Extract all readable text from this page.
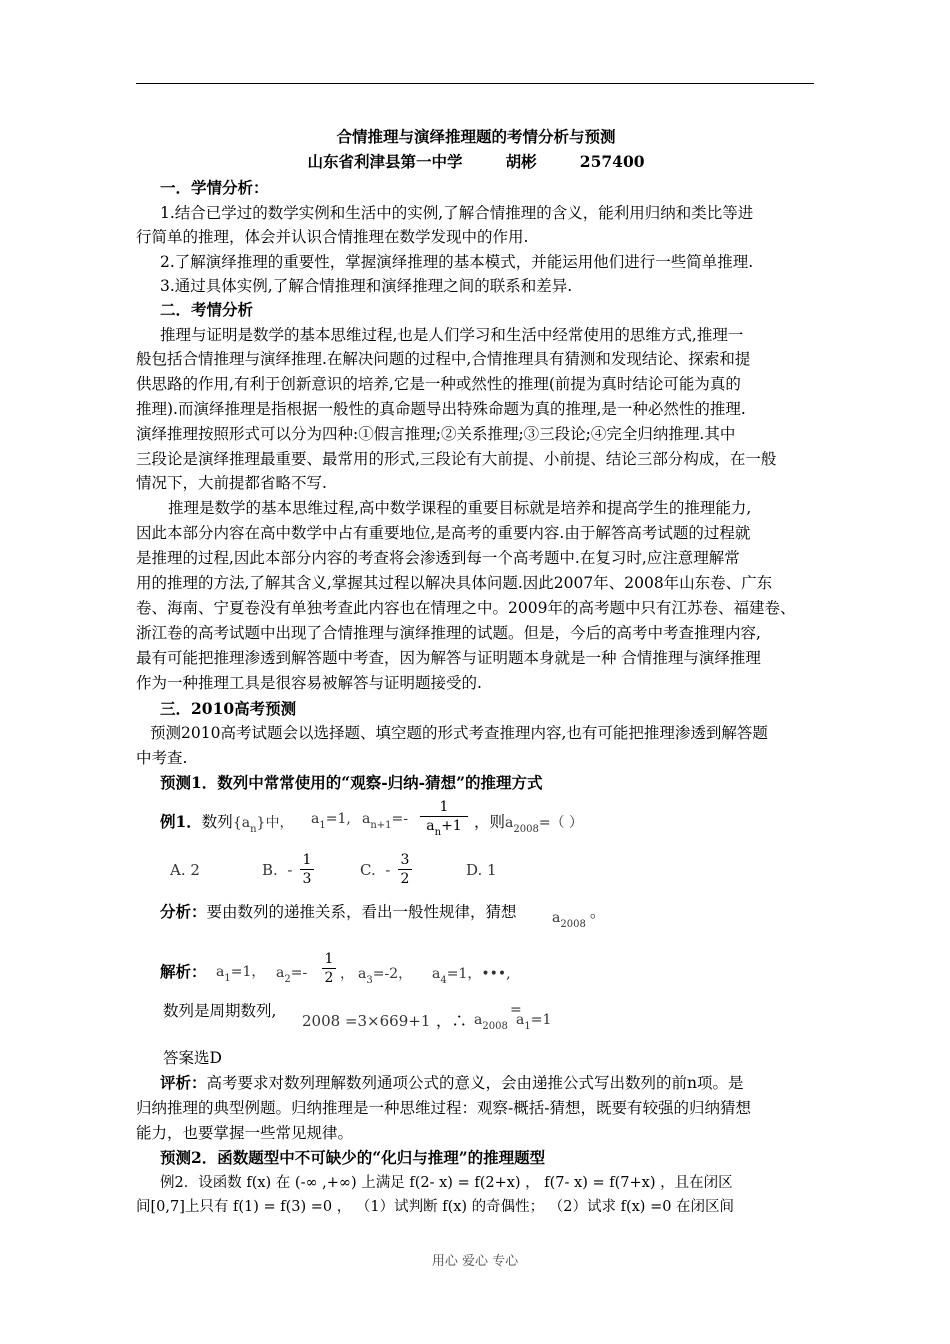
合情推理与演绎推理题的考情分析与预测
山东省利津县第一中学        胡彬        257400
一．学情分析：
1.结合已学过的数学实例和生活中的实例,了解合情推理的含义，能利用归纳和类比等进
行简单的推理，体会并认识合情推理在数学发现中的作用.
2.了解演绎推理的重要性，掌握演绎推理的基本模式，并能运用他们进行一些简单推理.
3.通过具体实例,了解合情推理和演绎推理之间的联系和差异.
二．考情分析
推理与证明是数学的基本思维过程,也是人们学习和生活中经常使用的思维方式,推理一
般包括合情推理与演绎推理.在解决问题的过程中,合情推理具有猜测和发现结论、探索和提
供思路的作用,有利于创新意识的培养,它是一种或然性的推理(前提为真时结论可能为真的
推理).而演绎推理是指根据一般性的真命题导出特殊命题为真的推理,是一种必然性的推理.
演绎推理按照形式可以分为四种:①假言推理;②关系推理;③三段论;④完全归纳推理.其中
三段论是演绎推理最重要、最常用的形式,三段论有大前提、小前提、结论三部分构成，在一般
情况下，大前提都省略不写.
推理是数学的基本思维过程,高中数学课程的重要目标就是培养和提高学生的推理能力,
因此本部分内容在高中数学中占有重要地位,是高考的重要内容.由于解答高考试题的过程就
是推理的过程,因此本部分内容的考查将会渗透到每一个高考题中.在复习时,应注意理解常
用的推理的方法,了解其含义,掌握其过程以解决具体问题.因此2007年、2008年山东卷、广东
卷、海南、宁夏卷没有单独考查此内容也在情理之中。2009年的高考题中只有江苏卷、福建卷、
浙江卷的高考试题中出现了合情推理与演绎推理的试题。但是，今后的高考中考查推理内容,
最有可能把推理渗透到解答题中考查，因为解答与证明题本身就是一种 合情推理与演绎推理
作为一种推理工具是很容易被解答与证明题接受的.
三．2010高考预测
预测2010高考试题会以选择题、填空题的形式考查推理内容,也有可能把推理渗透到解答题
中考查.
预测1．数列中常常使用的“观察-归纳-猜想”的推理方式
例1．数列$\{a_n\}$中，	$a_1=1$, $a_{n+1}=-$
1
$a_n+1$ ，则$a_{2008}=$（ ）
A. 2	B.  -
1
3	C.  -
3
2	D. 1
分析：要由数列的递推关系，看出一般性规律，猜想	$a_{2008}$
。
解析： $a_1=1$， $a_2=-$
1
2 ， $a_3=-2$， $a_4=1$，•••,
数列是周期数列,
2008 =3×669+1 ，∴ $a_{2008}$
=
$a_1=1$
答案选D
评析：高考要求对数列理解数列通项公式的意义，会由递推公式写出数列的前n项。是
归纳推理的典型例题。归纳推理是一种思维过程：观察-概括-猜想，既要有较强的归纳猜想
能力，也要掌握一些常见规律。
预测2．函数题型中不可缺少的“化归与推理”的推理题型
例2．设函数 f(x) 在 (-∞ ,+∞) 上满足 f(2- x) = f(2+x) ， f(7- x) = f(7+x) ，且在闭区
间[0,7]上只有 f(1) = f(3) =0 ， （1）试判断 f(x) 的奇偶性； （2）试求 f(x) =0 在闭区间
用心 爱心 专心
